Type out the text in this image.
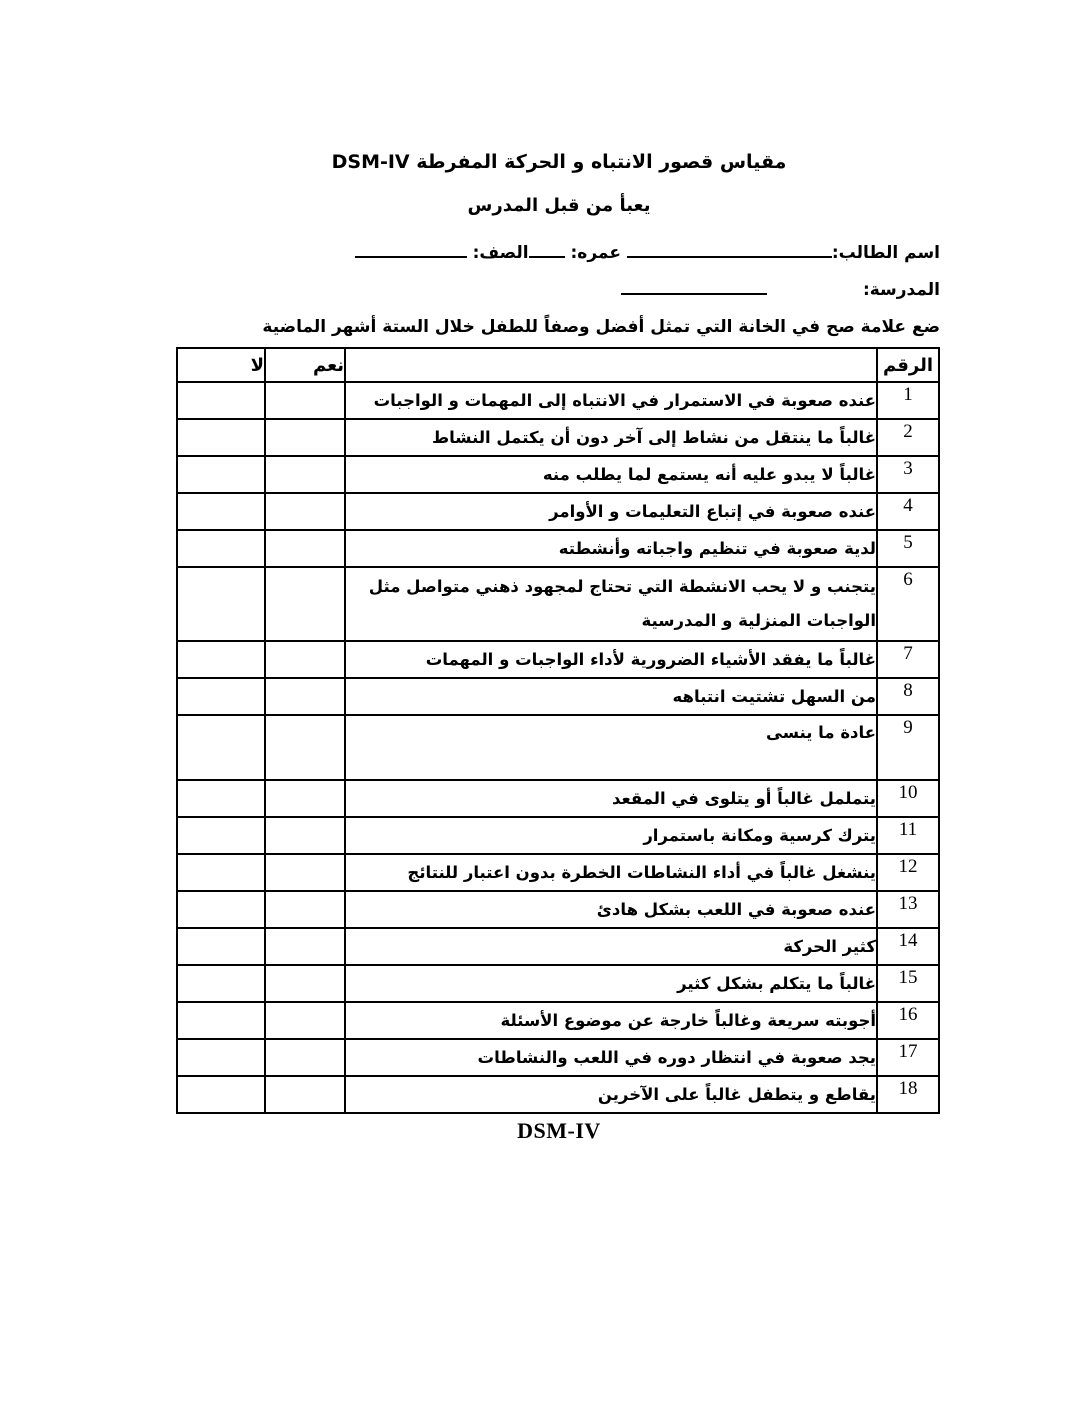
مقياس قصور الانتباه و الحركة المفرطة DSM-IV
يعبأ من قبل المدرس
اسم الطالب: عمره: الصف:
المدرسة:
ضع علامة صح في الخانة التي تمثل أفضل وصفاً للطفل خلال الستة أشهر الماضية
الرقم		نعم	لا
1	عنده صعوبة في الاستمرار في الانتباه إلى المهمات و الواجبات		
2	غالباً ما ينتقل من نشاط إلى آخر دون أن يكتمل النشاط		
3	غالباً لا يبدو عليه أنه يستمع لما يطلب منه		
4	عنده صعوبة في إتباع التعليمات و الأوامر		
5	لدية صعوبة في تنظيم واجباته وأنشطته		
6	يتجنب و لا يحب الانشطة التي تحتاج لمجهود ذهني متواصل مثل الواجبات المنزلية و المدرسية		
7	غالباً ما يفقد الأشياء الضرورية لأداء الواجبات و المهمات		
8	من السهل تشتيت انتباهه		
9	عادة ما ينسى		
10	يتململ غالباً أو يتلوى في المقعد		
11	يترك كرسية ومكانة باستمرار		
12	ينشغل غالباً في أداء النشاطات الخطرة بدون اعتبار للنتائج		
13	عنده صعوبة في اللعب بشكل هادئ		
14	كثير الحركة		
15	غالباً ما يتكلم بشكل كثير		
16	أجوبته سريعة وغالباً خارجة عن موضوع الأسئلة		
17	يجد صعوبة في انتظار دوره في اللعب والنشاطات		
18	يقاطع و يتطفل غالباً على الآخرين		
DSM-IV
